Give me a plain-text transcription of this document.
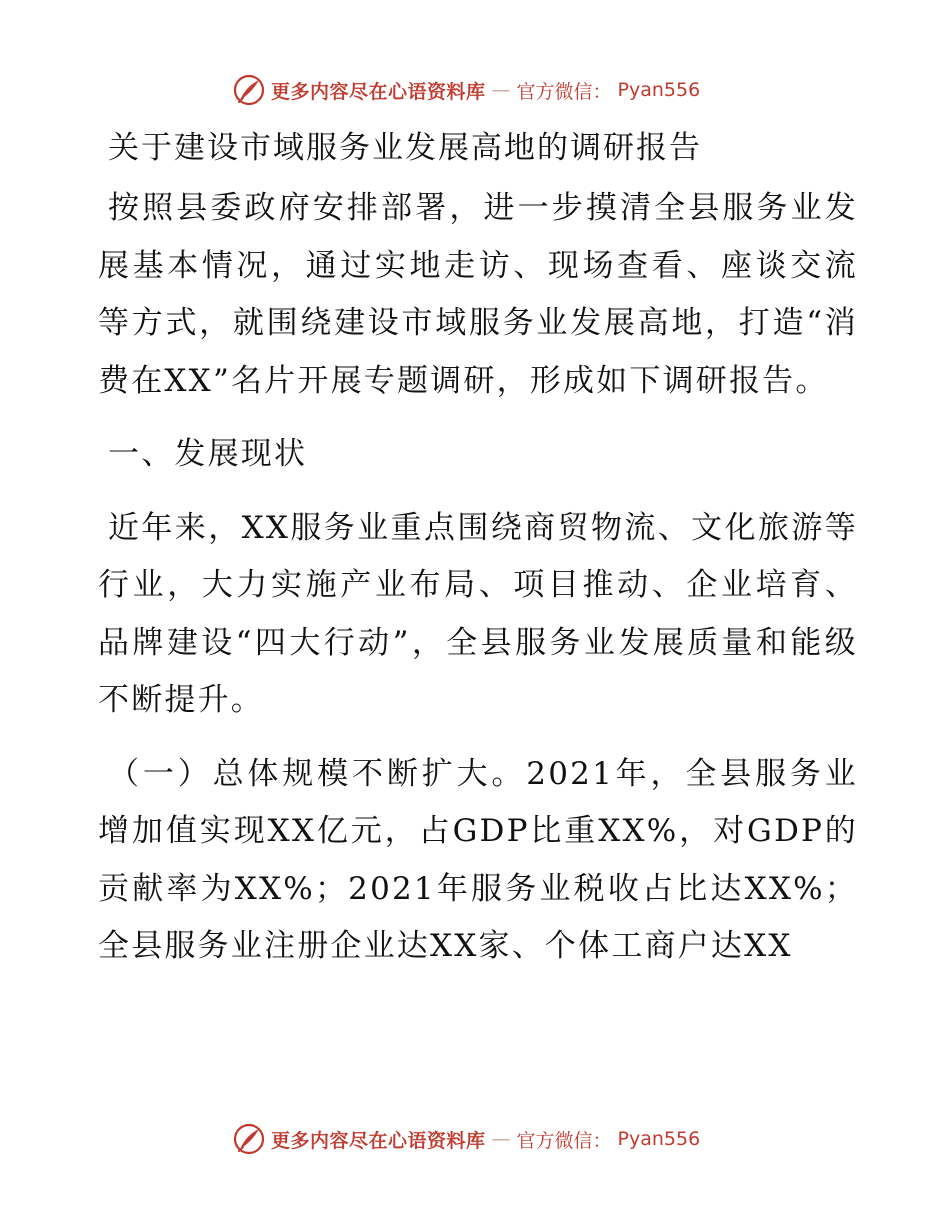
更多内容尽在心语资料库 — 官方微信： Pyan556
关于建设市域服务业发展高地的调研报告

按照县委政府安排部署，进一步摸清全县服务业发展基本情况，通过实地走访、现场查看、座谈交流等方式，就围绕建设市域服务业发展高地，打造“消费在XX”名片开展专题调研，形成如下调研报告。

一、发展现状

近年来，XX服务业重点围绕商贸物流、文化旅游等行业，大力实施产业布局、项目推动、企业培育、品牌建设“四大行动”，全县服务业发展质量和能级不断提升。

（一）总体规模不断扩大。2021年，全县服务业增加值实现XX亿元，占GDP比重XX%，对GDP的贡献率为XX%；2021年服务业税收占比达XX%；全县服务业注册企业达XX家、个体工商户达XX

更多内容尽在心语资料库 — 官方微信： Pyan556
